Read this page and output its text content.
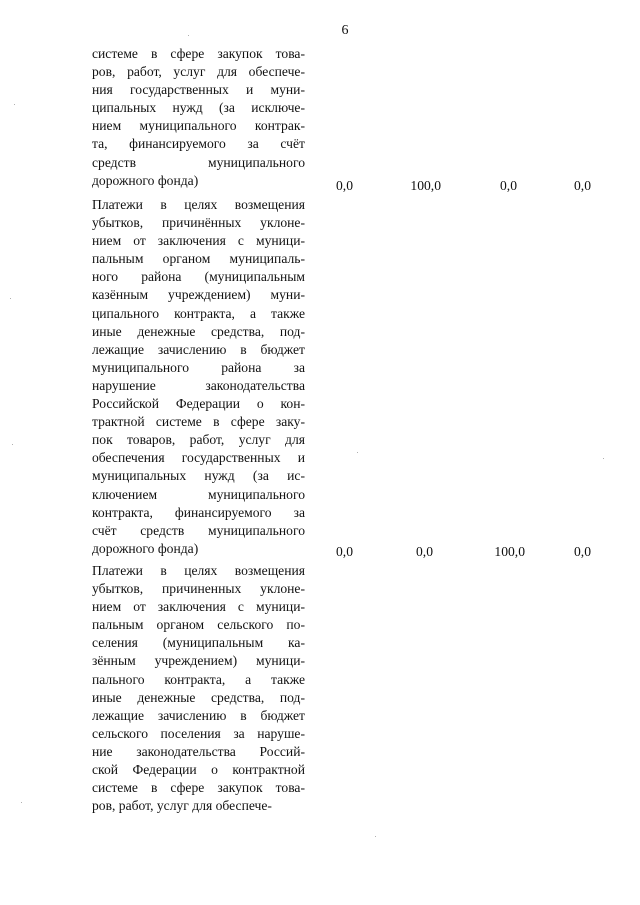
6
системе в сфере закупок това-
ров, работ, услуг для обеспече-
ния государственных и муни-
ципальных нужд (за исключе-
нием муниципального контрак-
та, финансируемого за счёт
средств муниципального
дорожного фонда)	0,0	100,0	0,0	0,0
Платежи в целях возмещения
убытков, причинённых уклоне-
нием от заключения с муници-
пальным органом муниципаль-
ного района (муниципальным
казённым учреждением) муни-
ципального контракта, а также
иные денежные средства, под-
лежащие зачислению в бюджет
муниципального района за
нарушение законодательства
Российской Федерации о кон-
трактной системе в сфере заку-
пок товаров, работ, услуг для
обеспечения государственных и
муниципальных нужд (за ис-
ключением муниципального
контракта, финансируемого за
счёт средств муниципального
дорожного фонда)	0,0	0,0	100,0	0,0
Платежи в целях возмещения
убытков, причиненных уклоне-
нием от заключения с муници-
пальным органом сельского по-
селения (муниципальным ка-
зённым учреждением) муници-
пального контракта, а также
иные денежные средства, под-
лежащие зачислению в бюджет
сельского поселения за наруше-
ние законодательства Россий-
ской Федерации о контрактной
системе в сфере закупок това-
ров, работ, услуг для обеспече-
